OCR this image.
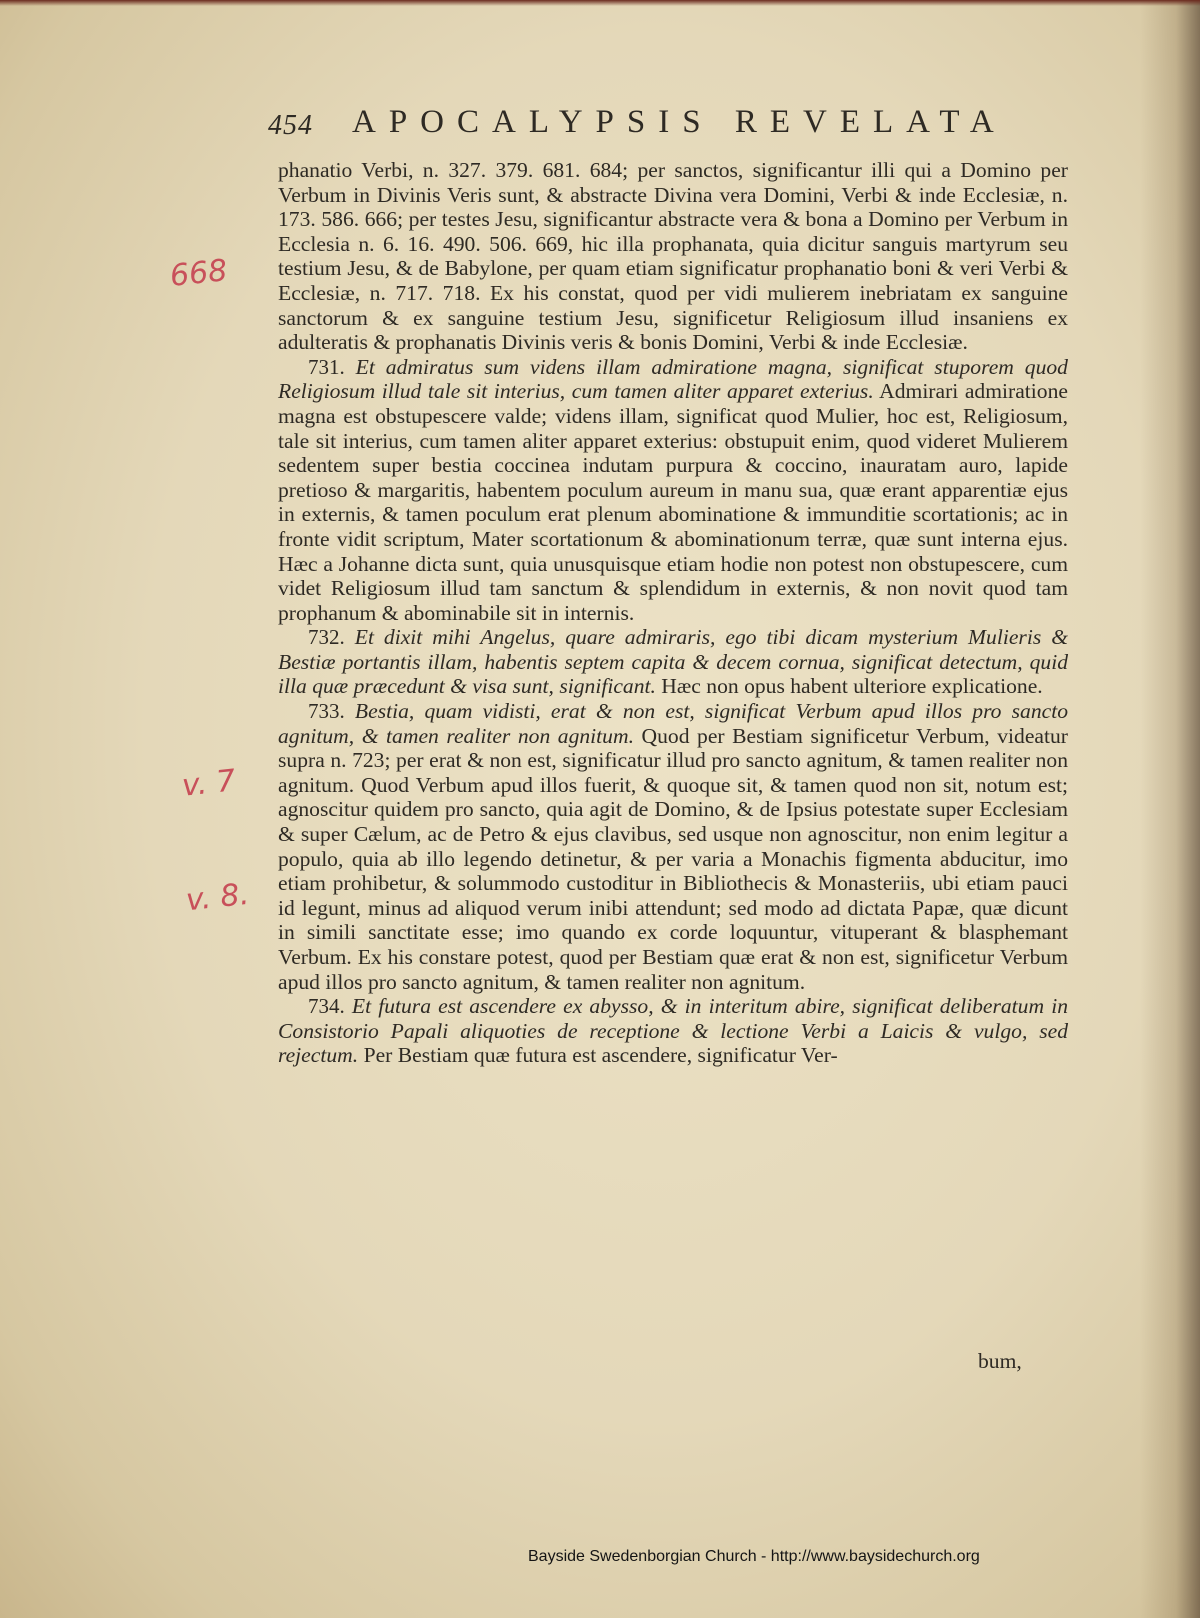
454 APOCALYPSIS REVELATA
668
v. 7
v. 8.

phanatio Verbi, n. 327. 379. 681. 684; per sanctos, significantur illi qui a Domino per Verbum in Divinis Veris sunt, & abstracte Divina vera Domini, Verbi & inde Ecclesiæ, n. 173. 586. 666; per testes Jesu, significantur abstracte vera & bona a Domino per Verbum in Ecclesia n. 6. 16. 490. 506. 669, hic illa prophanata, quia dicitur sanguis martyrum seu testium Jesu, & de Babylone, per quam etiam significatur prophanatio boni & veri Verbi & Ecclesiæ, n. 717. 718. Ex his constat, quod per vidi mulierem inebriatam ex sanguine sanctorum & ex sanguine testium Jesu, significetur Religiosum illud insaniens ex adulteratis & prophanatis Divinis veris & bonis Domini, Verbi & inde Ecclesiæ.

731. Et admiratus sum videns illam admiratione magna, significat stuporem quod Religiosum illud tale sit interius, cum tamen aliter apparet exterius. Admirari admiratione magna est obstupescere valde; videns illam, significat quod Mulier, hoc est, Religiosum, tale sit interius, cum tamen aliter apparet exterius: obstupuit enim, quod videret Mulierem sedentem super bestia coccinea indutam purpura & coccino, inauratam auro, lapide pretioso & margaritis, habentem poculum aureum in manu sua, quæ erant apparentiæ ejus in externis, & tamen poculum erat plenum abominatione & immunditie scortationis; ac in fronte vidit scriptum, Mater scortationum & abominationum terræ, quæ sunt interna ejus. Hæc a Johanne dicta sunt, quia unusquisque etiam hodie non potest non obstupescere, cum videt Religiosum illud tam sanctum & splendidum in externis, & non novit quod tam prophanum & abominabile sit in internis.

732. Et dixit mihi Angelus, quare admiraris, ego tibi dicam mysterium Mulieris & Bestiæ portantis illam, habentis septem capita & decem cornua, significat detectum, quid illa quæ præcedunt & visa sunt, significant. Hæc non opus habent ulteriore explicatione.

733. Bestia, quam vidisti, erat & non est, significat Verbum apud illos pro sancto agnitum, & tamen realiter non agnitum. Quod per Bestiam significetur Verbum, videatur supra n. 723; per erat & non est, significatur illud pro sancto agnitum, & tamen realiter non agnitum. Quod Verbum apud illos fuerit, & quoque sit, & tamen quod non sit, notum est; agnoscitur quidem pro sancto, quia agit de Domino, & de Ipsius potestate super Ecclesiam & super Cælum, ac de Petro & ejus clavibus, sed usque non agnoscitur, non enim legitur a populo, quia ab illo legendo detinetur, & per varia a Monachis figmenta abducitur, imo etiam prohibetur, & solummodo custoditur in Bibliothecis & Monasteriis, ubi etiam pauci id legunt, minus ad aliquod verum inibi attendunt; sed modo ad dictata Papæ, quæ dicunt in simili sanctitate esse; imo quando ex corde loquuntur, vituperant & blasphemant Verbum. Ex his constare potest, quod per Bestiam quæ erat & non est, significetur Verbum apud illos pro sancto agnitum, & tamen realiter non agnitum.

734. Et futura est ascendere ex abysso, & in interitum abire, significat deliberatum in Consistorio Papali aliquoties de receptione & lectione Verbi a Laicis & vulgo, sed rejectum. Per Bestiam quæ futura est ascendere, significatur Ver-

bum,
Bayside Swedenborgian Church - http://www.baysidechurch.org
